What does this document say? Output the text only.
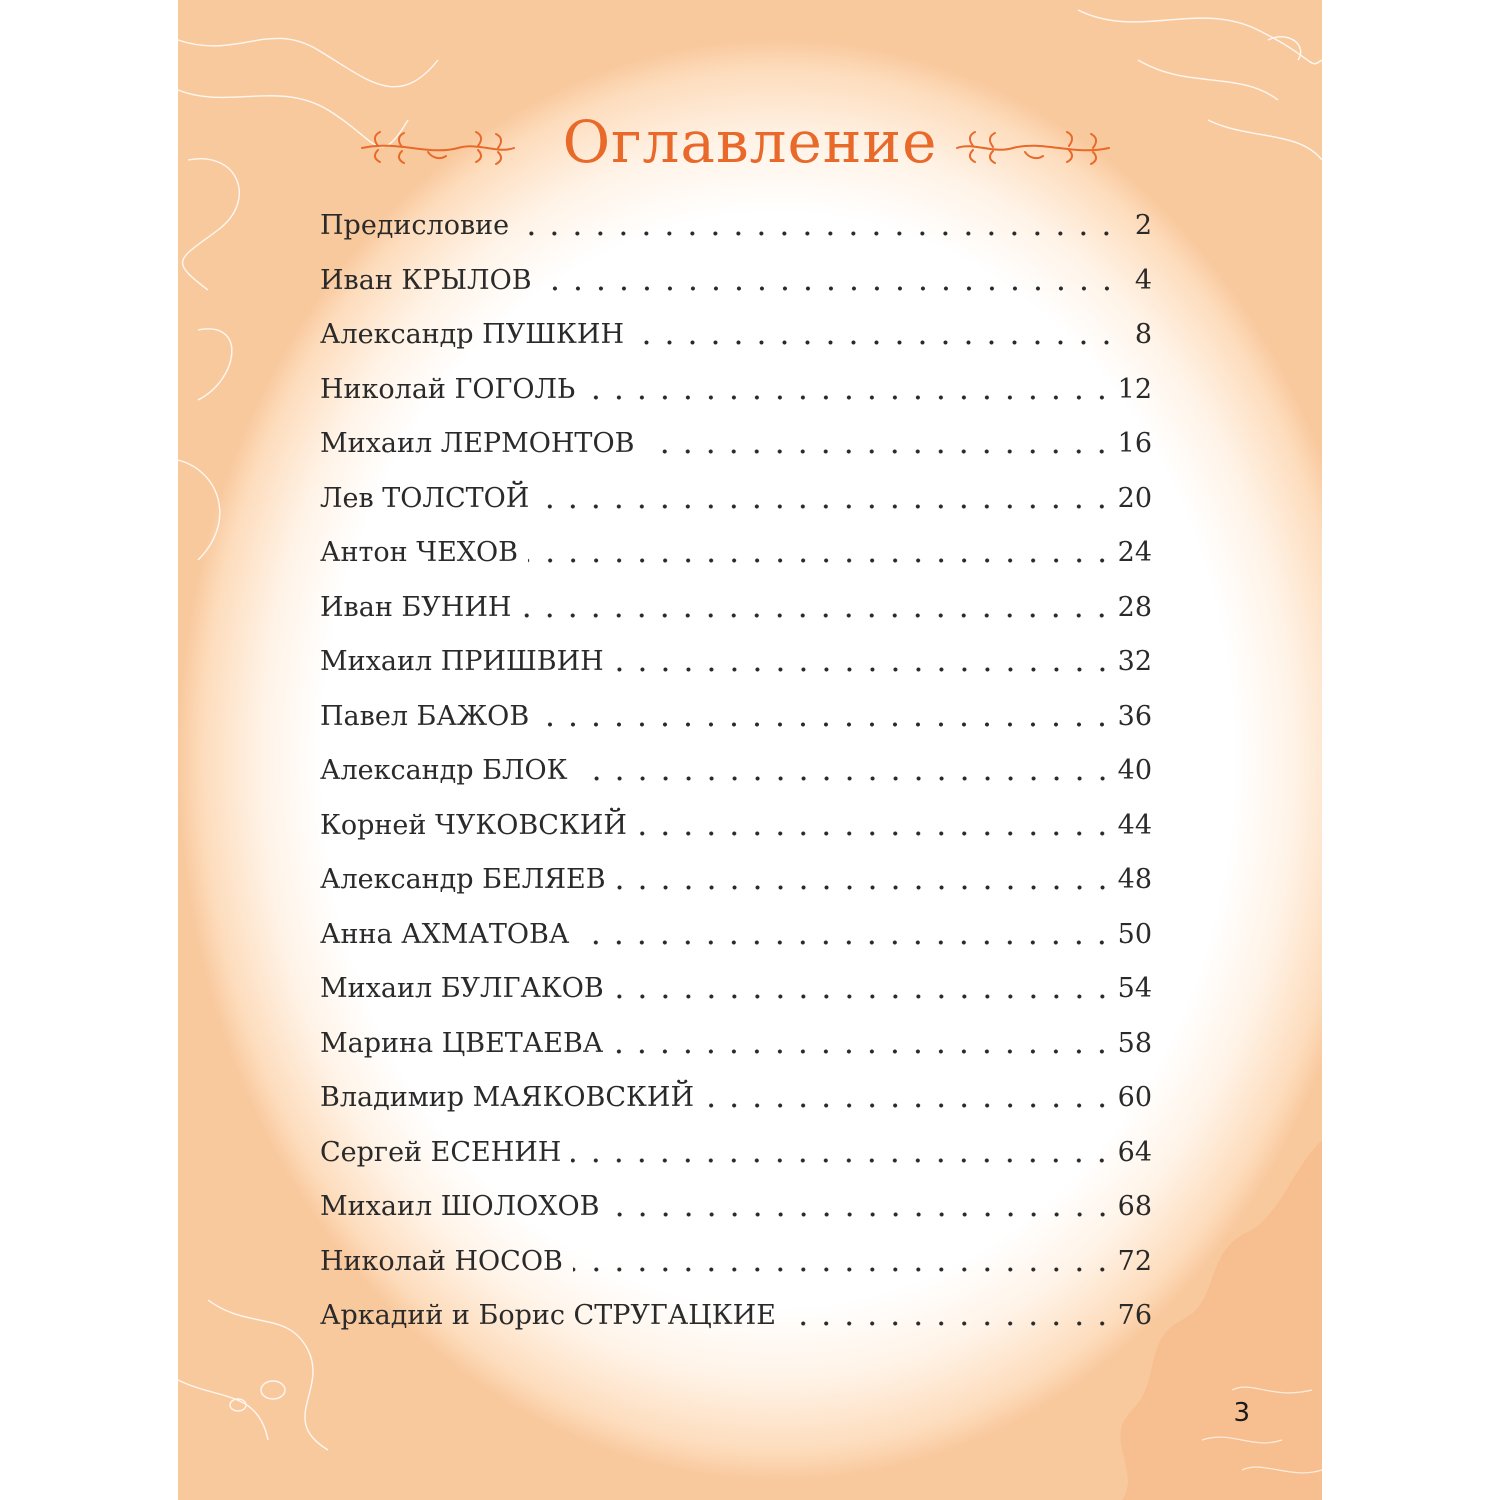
Оглавление
Предисловие	2
Иван КРЫЛОВ	4
Александр ПУШКИН	8
Николай ГОГОЛЬ	12
Михаил ЛЕРМОНТОВ	16
Лев ТОЛСТОЙ	20
Антон ЧЕХОВ	24
Иван БУНИН	28
Михаил ПРИШВИН	32
Павел БАЖОВ	36
Александр БЛОК	40
Корней ЧУКОВСКИЙ	44
Александр БЕЛЯЕВ	48
Анна АХМАТОВА	50
Михаил БУЛГАКОВ	54
Марина ЦВЕТАЕВА	58
Владимир МАЯКОВСКИЙ	60
Сергей ЕСЕНИН	64
Михаил ШОЛОХОВ	68
Николай НОСОВ	72
Аркадий и Борис СТРУГАЦКИЕ	76
3
